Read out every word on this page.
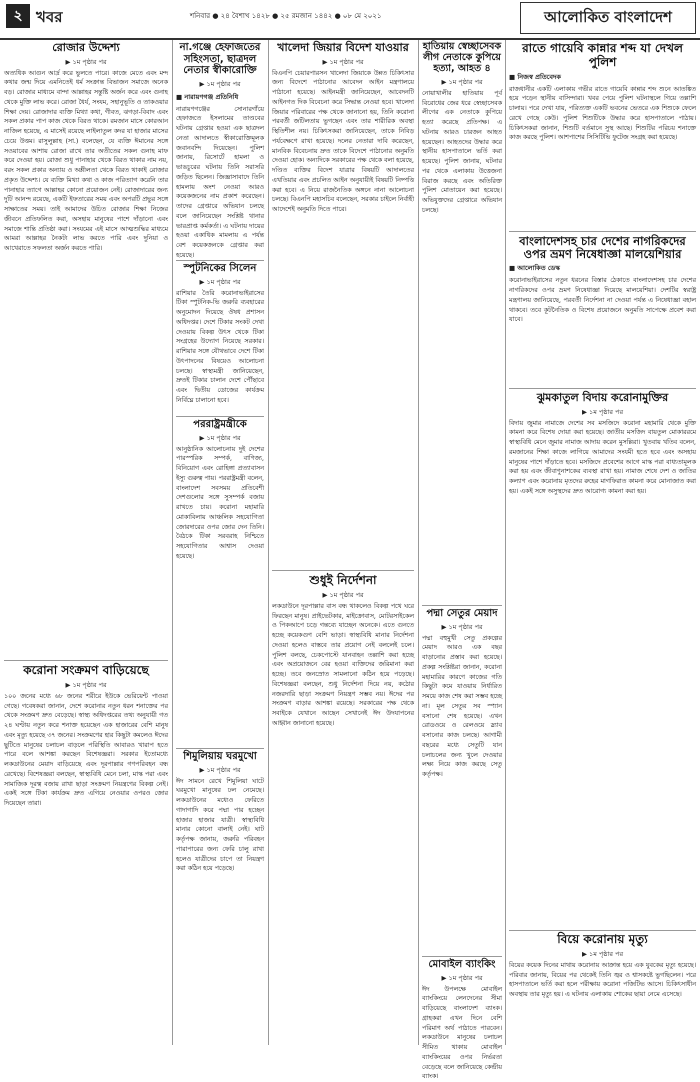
২ খবর	শনিবার ● ২৪ বৈশাখ ১৪২৮ ● ২৫ রমজান ১৪৪২ ● ০৮ মে ২০২১	আলোকিত বাংলাদেশ
রোজার উদ্দেশ্য
▶ ১ম পৃষ্ঠার পর

অত্যধিক আগুন আর্দ্র করে ভুলতে পারে। কাজে মেতে এবং মন্দ কথার জন্ম দিয়ে এমনিতেই ধর্ম সংক্রান্ত বিভাজন সমাজে অনেক বড়। রোজার মাধ্যমে বান্দা আল্লাহর সন্তুষ্টি অর্জন করে এবং গুনাহ থেকে মুক্তি লাভ করে। রোজা ধৈর্য, সংযম, সহানুভূতি ও তাকওয়ার শিক্ষা দেয়। রোজাদার ব্যক্তি মিথ্যা কথা, গীবত, ঝগড়া-বিবাদ এবং সকল প্রকার পাপ কাজ থেকে বিরত থাকে। রমজান মাসে কোরআন নাজিল হয়েছে, এ মাসেই রয়েছে লাইলাতুল কদর যা হাজার মাসের চেয়ে উত্তম। রাসুলুল্লাহ (সা.) বলেছেন, যে ব্যক্তি ঈমানের সঙ্গে সওয়াবের আশায় রোজা রাখে তার অতীতের সকল গুনাহ মাফ করে দেওয়া হয়। রোজা শুধু পানাহার থেকে বিরত থাকার নাম নয়, বরং সকল প্রকার অন্যায় ও অশ্লীলতা থেকে বিরত থাকাই রোজার প্রকৃত উদ্দেশ্য। যে ব্যক্তি মিথ্যা কথা ও কাজ পরিত্যাগ করেনি তার পানাহার ত্যাগে আল্লাহর কোনো প্রয়োজন নেই। রোজাদারের জন্য দুটি আনন্দ রয়েছে, একটি ইফতারের সময় এবং অপরটি প্রভুর সঙ্গে সাক্ষাতের সময়। তাই আমাদের উচিত রোজার শিক্ষা নিজের জীবনে প্রতিফলিত করা, অসহায় মানুষের পাশে দাঁড়ানো এবং সমাজে শান্তি প্রতিষ্ঠা করা। সংযমের এই মাসে আত্মশুদ্ধির মাধ্যমে আমরা আল্লাহর নৈকট্য লাভ করতে পারি এবং দুনিয়া ও আখেরাতে সফলতা অর্জন করতে পারি।

করোনা সংক্রমণ বাড়িয়েছে
▶ ১ম পৃষ্ঠার পর

১০০ জনের মধ্যে ৬৮ জনের শরীরে ইউকে ভেরিয়েন্ট পাওয়া গেছে। গবেষকরা জানান, দেশে করোনার নতুন ধরন শনাক্তের পর থেকে সংক্রমণ দ্রুত বেড়েছে। স্বাস্থ্য অধিদপ্তরের তথ্য অনুযায়ী গত ২৪ ঘণ্টায় নতুন করে শনাক্ত হয়েছেন এক হাজারের বেশি মানুষ এবং মৃত্যু হয়েছে ৩৭ জনের। সংক্রমণের হার কিছুটা কমলেও ঈদের ছুটিতে মানুষের চলাচল বাড়লে পরিস্থিতি আবারও খারাপ হতে পারে বলে আশঙ্কা করছেন বিশেষজ্ঞরা। সরকার ইতোমধ্যে লকডাউনের মেয়াদ বাড়িয়েছে এবং দূরপাল্লার গণপরিবহন বন্ধ রেখেছে। বিশেষজ্ঞরা বলছেন, স্বাস্থ্যবিধি মেনে চলা, মাস্ক পরা এবং সামাজিক দূরত্ব বজায় রাখা ছাড়া সংক্রমণ নিয়ন্ত্রণের বিকল্প নেই। একই সঙ্গে টিকা কার্যক্রম দ্রুত এগিয়ে নেওয়ার ওপরও জোর দিয়েছেন তারা।

না.গঞ্জে হেফাজতের সহিংসতা, ছাত্রদল নেতার স্বীকারোক্তি
▶ ১ম পৃষ্ঠার পর
■ নারায়ণগঞ্জ প্রতিনিধি

নারায়ণগঞ্জের সোনারগাঁয়ে হেফাজতে ইসলামের তাণ্ডবের ঘটনায় গ্রেপ্তার হওয়া এক ছাত্রদল নেতা আদালতে স্বীকারোক্তিমূলক জবানবন্দি দিয়েছেন। পুলিশ জানায়, রিসোর্টে হামলা ও ভাঙচুরের ঘটনায় তিনি সরাসরি জড়িত ছিলেন। জিজ্ঞাসাবাদে তিনি হামলায় অংশ নেওয়া আরও কয়েকজনের নাম প্রকাশ করেছেন। তাদের গ্রেপ্তারে অভিযান চলছে বলে জানিয়েছেন সংশ্লিষ্ট থানার ভারপ্রাপ্ত কর্মকর্তা। এ ঘটনায় দায়ের হওয়া একাধিক মামলায় এ পর্যন্ত বেশ কয়েকজনকে গ্রেপ্তার করা হয়েছে।

স্পুটনিকের সিলেন
▶ ১ম পৃষ্ঠার পর

রাশিয়ার তৈরি করোনাভাইরাসের টিকা স্পুটনিক-ভি জরুরি ব্যবহারের অনুমোদন দিয়েছে ঔষধ প্রশাসন অধিদপ্তর। দেশে টিকার সংকট দেখা দেওয়ায় বিকল্প উৎস থেকে টিকা সংগ্রহের উদ্যোগ নিয়েছে সরকার। রাশিয়ার সঙ্গে যৌথভাবে দেশে টিকা উৎপাদনের বিষয়েও আলোচনা চলছে। স্বাস্থ্যমন্ত্রী জানিয়েছেন, দ্রুতই টিকার চালান দেশে পৌঁছাবে এবং দ্বিতীয় ডোজের কার্যক্রম নির্বিঘ্নে চালানো হবে।

পররাষ্ট্রমন্ত্রীকে
▶ ১ম পৃষ্ঠার পর

আনুষ্ঠানিক আলোচনায় দুই দেশের পারস্পরিক সম্পর্ক, বাণিজ্য, বিনিয়োগ এবং রোহিঙ্গা প্রত্যাবাসন ইস্যু গুরুত্ব পায়। পররাষ্ট্রমন্ত্রী বলেন, বাংলাদেশ সবসময় প্রতিবেশী দেশগুলোর সঙ্গে সুসম্পর্ক বজায় রাখতে চায়। করোনা মহামারি মোকাবিলায় আঞ্চলিক সহযোগিতা জোরদারের ওপর জোর দেন তিনি। বৈঠকে টিকা সরবরাহ নিশ্চিতে সহযোগিতার আশ্বাস দেওয়া হয়েছে।

শিমুলিয়ায় ঘরমুখো
▶ ১ম পৃষ্ঠার পর

ঈদ সামনে রেখে শিমুলিয়া ঘাটে ঘরমুখো মানুষের ঢল নেমেছে। লকডাউনের মধ্যেও ফেরিতে গাদাগাদি করে পদ্মা পার হচ্ছেন হাজার হাজার যাত্রী। স্বাস্থ্যবিধি মানার কোনো বালাই নেই। ঘাট কর্তৃপক্ষ জানায়, জরুরি পরিবহন পারাপারের জন্য ফেরি চালু রাখা হলেও যাত্রীদের চাপে তা নিয়ন্ত্রণ করা কঠিন হয়ে পড়েছে।

খালেদা জিয়ার বিদেশ যাওয়ার
▶ ১ম পৃষ্ঠার পর

বিএনপি চেয়ারপারসন খালেদা জিয়াকে উন্নত চিকিৎসার জন্য বিদেশে পাঠানোর আবেদন আইন মন্ত্রণালয়ে পাঠানো হয়েছে। আইনমন্ত্রী জানিয়েছেন, আবেদনটি আইনগত দিক বিবেচনা করে সিদ্ধান্ত নেওয়া হবে। খালেদা জিয়ার পরিবারের পক্ষ থেকে জানানো হয়, তিনি করোনা পরবর্তী জটিলতায় ভুগছেন এবং তার শারীরিক অবস্থা স্থিতিশীল নয়। চিকিৎসকরা জানিয়েছেন, তাকে নিবিড় পর্যবেক্ষণে রাখা হয়েছে। দলের নেতারা দাবি করেছেন, মানবিক বিবেচনায় দ্রুত তাকে বিদেশে পাঠানোর অনুমতি দেওয়া হোক। অন্যদিকে সরকারের পক্ষ থেকে বলা হয়েছে, দণ্ডিত ব্যক্তির বিদেশ যাত্রার বিষয়টি আদালতের এখতিয়ার এবং প্রচলিত আইন অনুযায়ীই বিষয়টি নিষ্পত্তি করা হবে। এ নিয়ে রাজনৈতিক অঙ্গনে নানা আলোচনা চলছে। বিএনপি মহাসচিব বলেছেন, সরকার চাইলে নির্বাহী আদেশেই অনুমতি দিতে পারে।

শুধুই নির্দেশনা
▶ ১ম পৃষ্ঠার পর

লকডাউনে দূরপাল্লার বাস বন্ধ থাকলেও বিকল্প পথে ঘরে ফিরছেন মানুষ। প্রাইভেটকার, মাইক্রোবাস, মোটরসাইকেল ও পিকআপে চড়ে গন্তব্যে যাচ্ছেন অনেকে। এতে গুনতে হচ্ছে কয়েকগুণ বেশি ভাড়া। স্বাস্থ্যবিধি মানার নির্দেশনা দেওয়া হলেও বাস্তবে তার প্রয়োগ নেই বললেই চলে। পুলিশ বলছে, চেকপোস্টে যানবাহন তল্লাশি করা হচ্ছে এবং অপ্রয়োজনে বের হওয়া ব্যক্তিদের জরিমানা করা হচ্ছে। তবে জনস্রোত সামলানো কঠিন হয়ে পড়েছে। বিশেষজ্ঞরা বলছেন, শুধু নির্দেশনা দিয়ে নয়, কঠোর নজরদারি ছাড়া সংক্রমণ নিয়ন্ত্রণ সম্ভব নয়। ঈদের পর সংক্রমণ বাড়ার আশঙ্কা রয়েছে। সরকারের পক্ষ থেকে সবাইকে যেখানে আছেন সেখানেই ঈদ উদযাপনের আহ্বান জানানো হয়েছে।

হাতিয়ায় স্বেচ্ছাসেবক লীগ নেতাকে কুপিয়ে হত্যা, আহত ৪
▶ ১ম পৃষ্ঠার পর

নোয়াখালীর হাতিয়ায় পূর্ব বিরোধের জের ধরে স্বেচ্ছাসেবক লীগের এক নেতাকে কুপিয়ে হত্যা করেছে প্রতিপক্ষ। এ ঘটনায় আরও চারজন আহত হয়েছেন। আহতদের উদ্ধার করে স্থানীয় হাসপাতালে ভর্তি করা হয়েছে। পুলিশ জানায়, ঘটনার পর থেকে এলাকায় উত্তেজনা বিরাজ করছে এবং অতিরিক্ত পুলিশ মোতায়েন করা হয়েছে। অভিযুক্তদের গ্রেপ্তারে অভিযান চলছে।

পদ্মা সেতুর মেয়াদ
▶ ১ম পৃষ্ঠার পর

পদ্মা বহুমুখী সেতু প্রকল্পের মেয়াদ আরও এক বছর বাড়ানোর প্রস্তাব করা হয়েছে। প্রকল্প সংশ্লিষ্টরা জানান, করোনা মহামারির কারণে কাজের গতি কিছুটা কমে যাওয়ায় নির্ধারিত সময়ে কাজ শেষ করা সম্ভব হচ্ছে না। মূল সেতুর সব স্প্যান বসানো শেষ হয়েছে। এখন রোডওয়ে ও রেলওয়ে স্ল্যাব বসানোর কাজ চলছে। আগামী বছরের মধ্যে সেতুটি যান চলাচলের জন্য খুলে দেওয়ার লক্ষ্য নিয়ে কাজ করছে সেতু কর্তৃপক্ষ।

মোবাইল ব্যাংকিং
▶ ১ম পৃষ্ঠার পর

ঈদ উপলক্ষে মোবাইল ব্যাংকিংয়ে লেনদেনের সীমা বাড়িয়েছে বাংলাদেশ ব্যাংক। গ্রাহকরা এখন দিনে বেশি পরিমাণ অর্থ পাঠাতে পারবেন। লকডাউনে মানুষের চলাচল সীমিত থাকায় মোবাইল ব্যাংকিংয়ের ওপর নির্ভরতা বেড়েছে বলে জানিয়েছে কেন্দ্রীয় ব্যাংক।

রাতে গায়েবি কান্নার শব্দ যা দেখল পুলিশ
■ নিজস্ব প্রতিবেদক

রাজধানীর একটি এলাকায় গভীর রাতে গায়েবি কান্নার শব্দ শুনে আতঙ্কিত হয়ে পড়েন স্থানীয় বাসিন্দারা। খবর পেয়ে পুলিশ ঘটনাস্থলে গিয়ে তল্লাশি চালায়। পরে দেখা যায়, পরিত্যক্ত একটি ভবনের ভেতরে এক শিশুকে ফেলে রেখে গেছে কেউ। পুলিশ শিশুটিকে উদ্ধার করে হাসপাতালে পাঠায়। চিকিৎসকরা জানান, শিশুটি বর্তমানে সুস্থ আছে। শিশুটির পরিচয় শনাক্তে কাজ করছে পুলিশ। আশপাশের সিসিটিভি ফুটেজ সংগ্রহ করা হয়েছে।

বাংলাদেশসহ চার দেশের নাগরিকদের ওপর ভ্রমণ নিষেধাজ্ঞা মালয়েশিয়ার
■ আলোকিত ডেস্ক

করোনাভাইরাসের নতুন ধরনের বিস্তার ঠেকাতে বাংলাদেশসহ চার দেশের নাগরিকদের ওপর ভ্রমণ নিষেধাজ্ঞা দিয়েছে মালয়েশিয়া। দেশটির স্বরাষ্ট্র মন্ত্রণালয় জানিয়েছে, পরবর্তী নির্দেশনা না দেওয়া পর্যন্ত এ নিষেধাজ্ঞা বহাল থাকবে। তবে কূটনৈতিক ও বিশেষ প্রয়োজনে অনুমতি সাপেক্ষে প্রবেশ করা যাবে।

ঝুমকাতুল বিদায় করোনামুক্তির
▶ ১ম পৃষ্ঠার পর

বিদায় জুমার নামাজে দেশের সব মসজিদে করোনা মহামারি থেকে মুক্তি কামনা করে বিশেষ দোয়া করা হয়েছে। জাতীয় মসজিদ বায়তুল মোকাররমে স্বাস্থ্যবিধি মেনে জুমার নামাজ আদায় করেন মুসল্লিরা। খুতবায় খতিব বলেন, রমজানের শিক্ষা কাজে লাগিয়ে আমাদের সংযমী হতে হবে এবং অসহায় মানুষের পাশে দাঁড়াতে হবে। মসজিদে প্রবেশের আগে মাস্ক পরা বাধ্যতামূলক করা হয় এবং জীবাণুনাশকের ব্যবস্থা রাখা হয়। নামাজ শেষে দেশ ও জাতির কল্যাণ এবং করোনায় মৃতদের রুহের মাগফিরাত কামনা করে মোনাজাত করা হয়। একই সঙ্গে অসুস্থদের দ্রুত আরোগ্য কামনা করা হয়।

বিয়ে করোনায় মৃত্যু
▶ ১ম পৃষ্ঠার পর

বিয়ের কয়েক দিনের মাথায় করোনায় আক্রান্ত হয়ে এক যুবকের মৃত্যু হয়েছে। পরিবার জানায়, বিয়ের পর থেকেই তিনি জ্বর ও শ্বাসকষ্টে ভুগছিলেন। পরে হাসপাতালে ভর্তি করা হলে পরীক্ষায় করোনা পজিটিভ আসে। চিকিৎসাধীন অবস্থায় তার মৃত্যু হয়। এ ঘটনায় এলাকায় শোকের ছায়া নেমে এসেছে।
